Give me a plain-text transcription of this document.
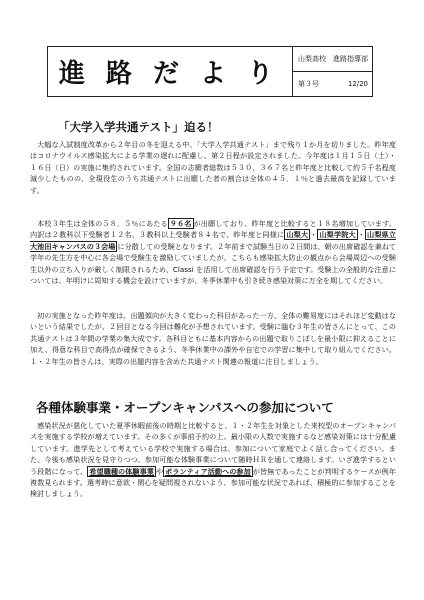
進 路 だ よ り	山梨高校　進路指導部
第３号	12/20
「大学入学共通テスト」迫る！

大幅な入試制度改革から２年目の冬を迎える中、「大学入学共通テスト」まで残り１か月を切りました。昨年度はコロナウイルス感染拡大による学業の遅れに配慮し、第２日程が設定されました。今年度は１月１５日（土）・１６日（日）の実施に集約されています。全国の志願者総数は５３０，３６７名と昨年度と比較して約５千名程度減少したものの、全現役生のうち共通テストに出願した者の割合は全体の４５．１％と過去最高を記録しています。

本校３年生は全体の５８．５％にあたる ９６名 が出願しており、昨年度と比較すると１８名増加しています。内訳は２教科以下受験者１２名、３教科以上受験者８４名で、昨年度と同様に 山梨大 ・ 山梨学院大 ・ 山梨県立大池田キャンパスの３会場 に分散しての受験となります。２年前まで試験当日の２日間は、朝の出席確認を兼ねて学年の先生方を中心に各会場で受験生を激励していましたが、こちらも感染拡大防止の観点から会場周辺への受験生以外の立ち入りが厳しく制限されるため、Classi を活用して出席確認を行う予定です。受験上の全般的な注意については、年明けに周知する機会を設けていますが、冬季休業中も引き続き感染対策に万全を期してください。

初の実施となった昨年度は、出題傾向が大きく変わった科目があった一方、全体の難易度にはそれほど変動はないという結果でしたが、２回目となる今回は難化が予想されています。受験に臨む３年生の皆さんにとって、この共通テストは３年間の学業の集大成です。各科目ともに基本内容からの出題で取りこぼしを最小限に抑えることに加え、得意な科目で高得点が確保できるよう、冬季休業中の課外や自宅での学習に集中して取り組んでください。１・２年生の皆さんは、実際の出題内容を含めた共通テスト関連の報道に注目しましょう。

各種体験事業・オープンキャンパスへの参加について

感染状況が悪化していた夏季休暇前後の時期と比較すると、１・２年生を対象とした来校型のオープンキャンパスを実施する学校が増えています。その多くが事前予約の上、最小限の人数で実施するなど感染対策には十分配慮しています。進学先として考えている学校で実施する場合は、参加について家庭でよく話し合ってください。また、今後も感染状況を見守りつつ、参加可能な体験事業について随時ＨＲを通して連絡します。いざ進学するという段階になって、 希望職種の体験事業 や ボランティア活動への参加 が皆無であったことが判明するケースが例年複数見られます。選考時に意欲・関心を疑問視されないよう、参加可能な状況であれば、積極的に参加することを検討しましょう。
